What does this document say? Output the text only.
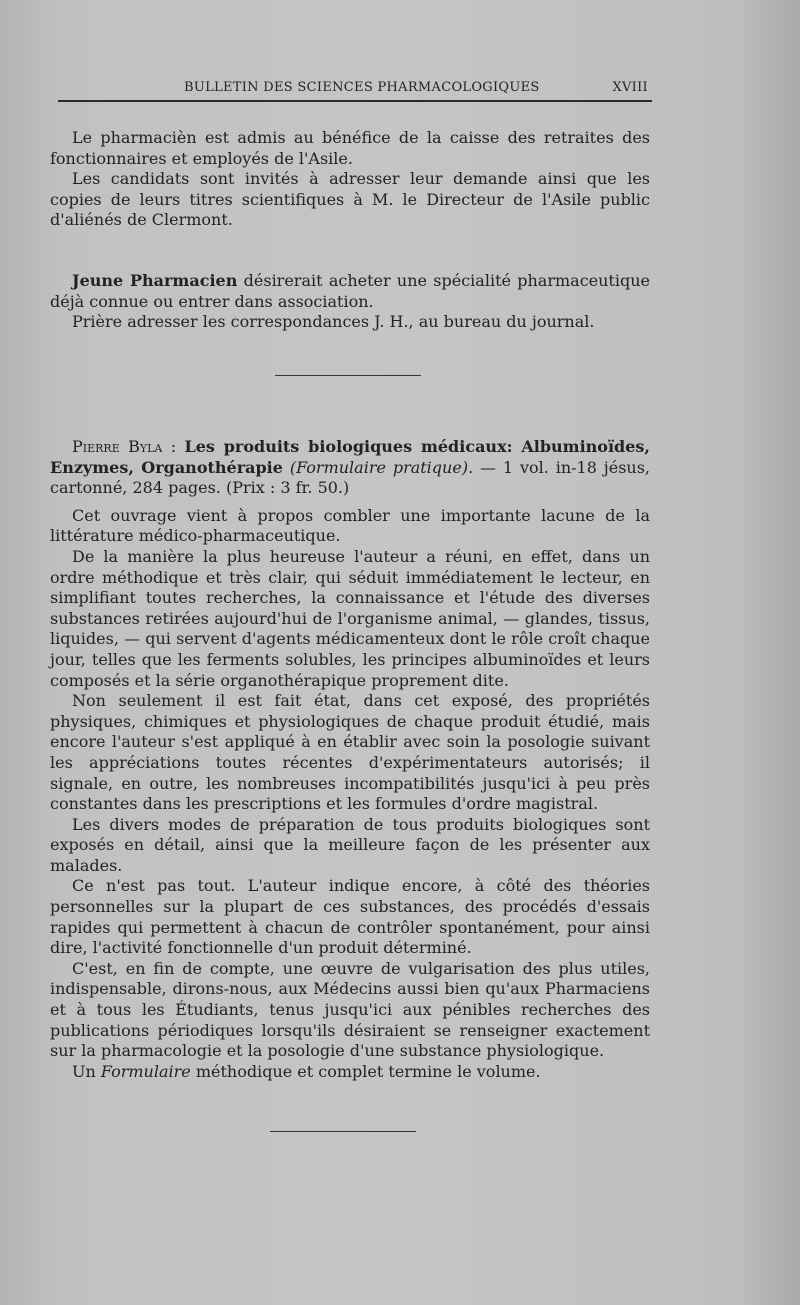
BULLETIN DES SCIENCES PHARMACOLOGIQUES	XVIII

Le pharmacièn est admis au bénéfice de la caisse des retraites des fonctionnaires et employés de l'Asile.

Les candidats sont invités à adresser leur demande ainsi que les copies de leurs titres scientifiques à M. le Directeur de l'Asile public d'aliénés de Clermont.

Jeune Pharmacien désirerait acheter une spécialité pharmaceutique déjà connue ou entrer dans association.

Prière adresser les correspondances J. H., au bureau du journal.

Pierre Byla : Les produits biologiques médicaux: Albuminoïdes, Enzymes, Organothérapie (Formulaire pratique). — 1 vol. in-18 jésus, cartonné, 284 pages. (Prix : 3 fr. 50.)

Cet ouvrage vient à propos combler une importante lacune de la littérature médico-pharmaceutique.

De la manière la plus heureuse l'auteur a réuni, en effet, dans un ordre méthodique et très clair, qui séduit immédiatement le lecteur, en simplifiant toutes recherches, la connaissance et l'étude des diverses substances retirées aujourd'hui de l'organisme animal, — glandes, tissus, liquides, — qui servent d'agents médicamenteux dont le rôle croît chaque jour, telles que les ferments solubles, les principes albuminoïdes et leurs composés et la série organothérapique proprement dite.

Non seulement il est fait état, dans cet exposé, des propriétés physiques, chimiques et physiologiques de chaque produit étudié, mais encore l'auteur s'est appliqué à en établir avec soin la posologie suivant les appréciations toutes récentes d'expérimentateurs autorisés; il signale, en outre, les nombreuses incompatibilités jusqu'ici à peu près constantes dans les prescriptions et les formules d'ordre magistral.

Les divers modes de préparation de tous produits biologiques sont exposés en détail, ainsi que la meilleure façon de les présenter aux malades.

Ce n'est pas tout. L'auteur indique encore, à côté des théories personnelles sur la plupart de ces substances, des procédés d'essais rapides qui permettent à chacun de contrôler spontanément, pour ainsi dire, l'activité fonctionnelle d'un produit déterminé.

C'est, en fin de compte, une œuvre de vulgarisation des plus utiles, indispensable, dirons-nous, aux Médecins aussi bien qu'aux Pharmaciens et à tous les Étudiants, tenus jusqu'ici aux pénibles recherches des publications périodiques lorsqu'ils désiraient se renseigner exactement sur la pharmacologie et la posologie d'une substance physiologique.

Un Formulaire méthodique et complet termine le volume.
